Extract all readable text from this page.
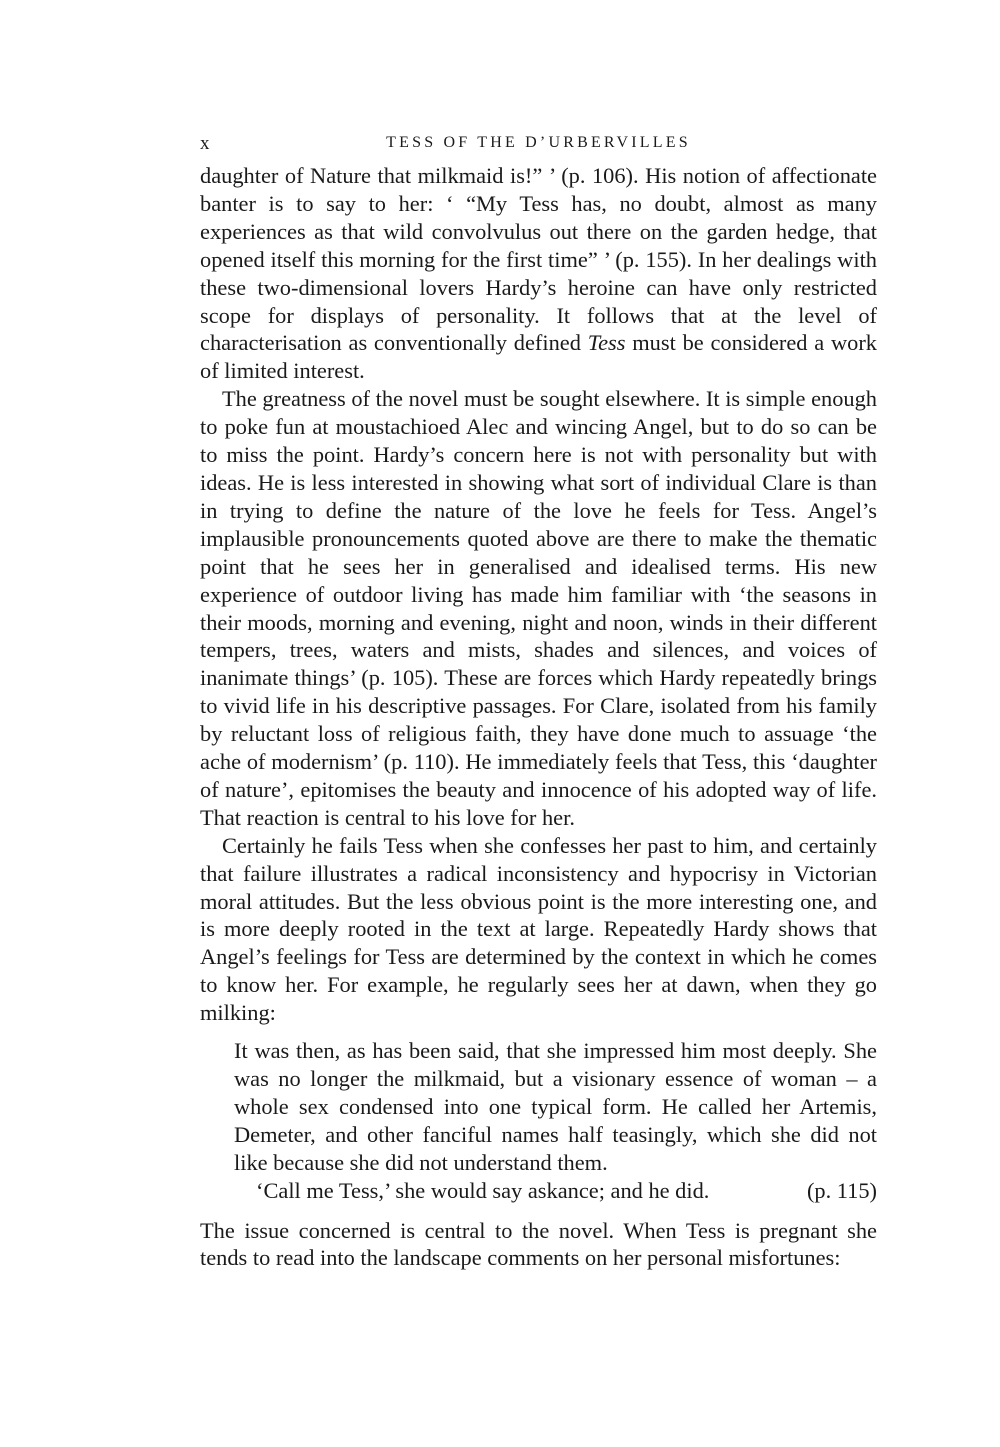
x	TESS OF THE D’URBERVILLES

daughter of Nature that milkmaid is!” ’ (p. 106). His notion of affectionate banter is to say to her: ‘ “My Tess has, no doubt, almost as many experiences as that wild convolvulus out there on the garden hedge, that opened itself this morning for the first time” ’ (p. 155). In her dealings with these two-dimensional lovers Hardy’s heroine can have only restricted scope for displays of personality. It follows that at the level of characterisation as conventionally defined Tess must be considered a work of limited interest.

The greatness of the novel must be sought elsewhere. It is simple enough to poke fun at moustachioed Alec and wincing Angel, but to do so can be to miss the point. Hardy’s concern here is not with personality but with ideas. He is less interested in showing what sort of individual Clare is than in trying to define the nature of the love he feels for Tess. Angel’s implausible pronouncements quoted above are there to make the thematic point that he sees her in generalised and idealised terms. His new experience of outdoor living has made him familiar with ‘the seasons in their moods, morning and evening, night and noon, winds in their different tempers, trees, waters and mists, shades and silences, and voices of inanimate things’ (p. 105). These are forces which Hardy repeatedly brings to vivid life in his descriptive passages. For Clare, isolated from his family by reluctant loss of religious faith, they have done much to assuage ‘the ache of modernism’ (p. 110). He immediately feels that Tess, this ‘daughter of nature’, epitomises the beauty and innocence of his adopted way of life. That reaction is central to his love for her.

Certainly he fails Tess when she confesses her past to him, and certainly that failure illustrates a radical inconsistency and hypocrisy in Victorian moral attitudes. But the less obvious point is the more interesting one, and is more deeply rooted in the text at large. Repeatedly Hardy shows that Angel’s feelings for Tess are determined by the context in which he comes to know her. For example, he regularly sees her at dawn, when they go milking:

It was then, as has been said, that she impressed him most deeply. She was no longer the milkmaid, but a visionary essence of woman – a whole sex condensed into one typical form. He called her Artemis, Demeter, and other fanciful names half teasingly, which she did not like because she did not understand them.
‘Call me Tess,’ she would say askance; and he did.	(p. 115)

The issue concerned is central to the novel. When Tess is pregnant she tends to read into the landscape comments on her personal misfortunes:
